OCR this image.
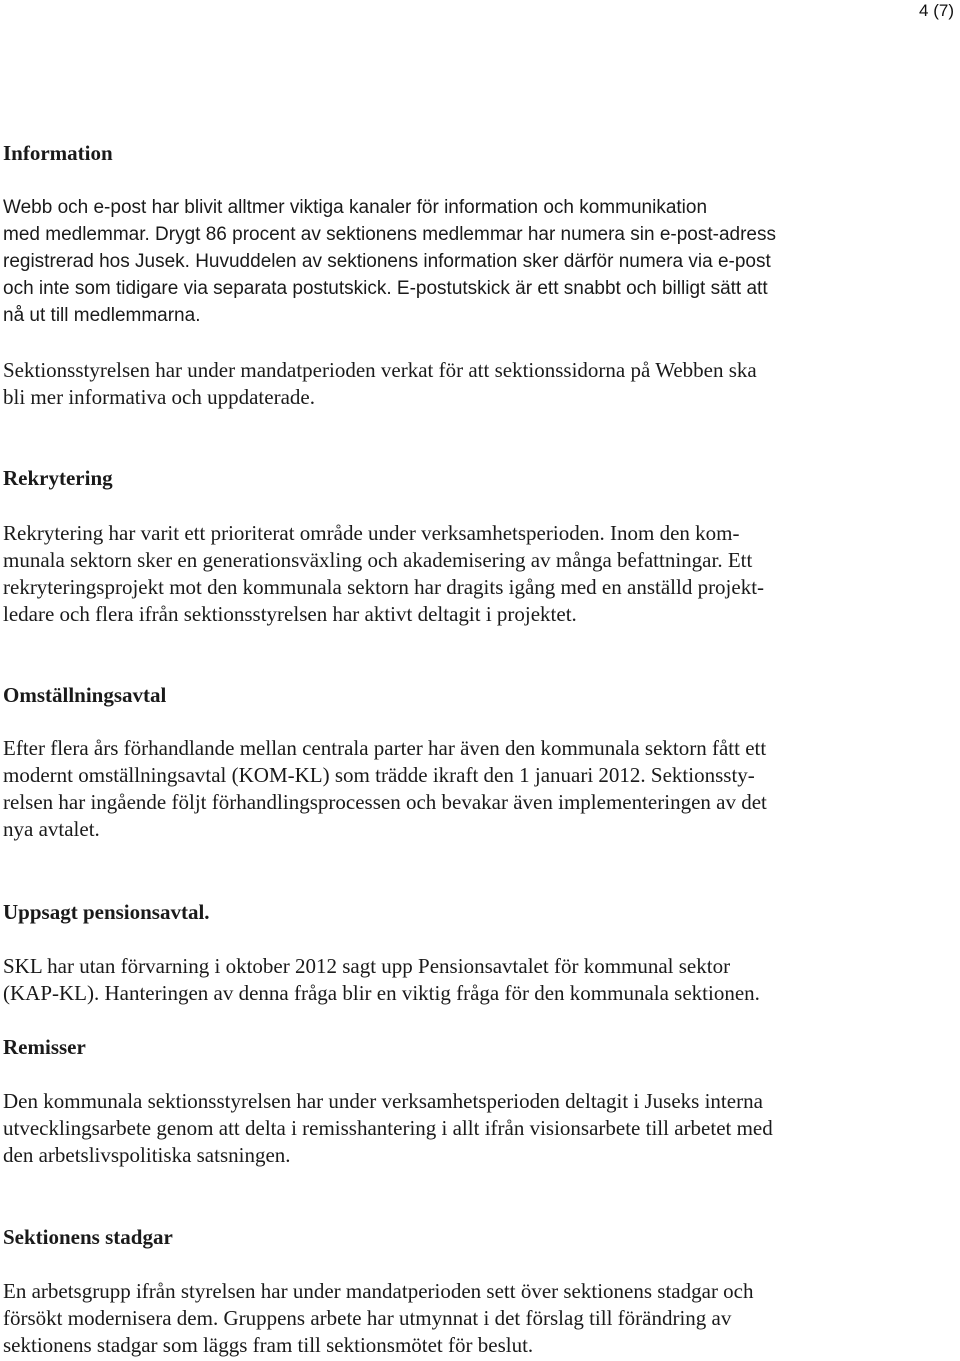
4 (7)
Information
Webb och e-post har blivit alltmer viktiga kanaler för information och kommunikation
med medlemmar. Drygt 86 procent av sektionens medlemmar har numera sin e-post-adress
registrerad hos Jusek. Huvuddelen av sektionens information sker därför numera via e-post
och inte som tidigare via separata postutskick. E-postutskick är ett snabbt och billigt sätt att
nå ut till medlemmarna.
Sektionsstyrelsen har under mandatperioden verkat för att sektionssidorna på Webben ska
bli mer informativa och uppdaterade.
Rekrytering
Rekrytering har varit ett prioriterat område under verksamhetsperioden. Inom den kom-
munala sektorn sker en generationsväxling och akademisering av många befattningar. Ett
rekryteringsprojekt mot den kommunala sektorn har dragits igång med en anställd projekt-
ledare och flera ifrån sektionsstyrelsen har aktivt deltagit i projektet.
Omställningsavtal
Efter flera års förhandlande mellan centrala parter har även den kommunala sektorn fått ett
modernt omställningsavtal (KOM-KL) som trädde ikraft den 1 januari 2012. Sektionssty-
relsen har ingående följt förhandlingsprocessen och bevakar även implementeringen av det
nya avtalet.
Uppsagt pensionsavtal.
SKL har utan förvarning i oktober 2012 sagt upp Pensionsavtalet för kommunal sektor
(KAP-KL). Hanteringen av denna fråga blir en viktig fråga för den kommunala sektionen.
Remisser
Den kommunala sektionsstyrelsen har under verksamhetsperioden deltagit i Juseks interna
utvecklingsarbete genom att delta i remisshantering i allt ifrån visionsarbete till arbetet med
den arbetslivspolitiska satsningen.
Sektionens stadgar
En arbetsgrupp ifrån styrelsen har under mandatperioden sett över sektionens stadgar och
försökt modernisera dem. Gruppens arbete har utmynnat i det förslag till förändring av
sektionens stadgar som läggs fram till sektionsmötet för beslut.
